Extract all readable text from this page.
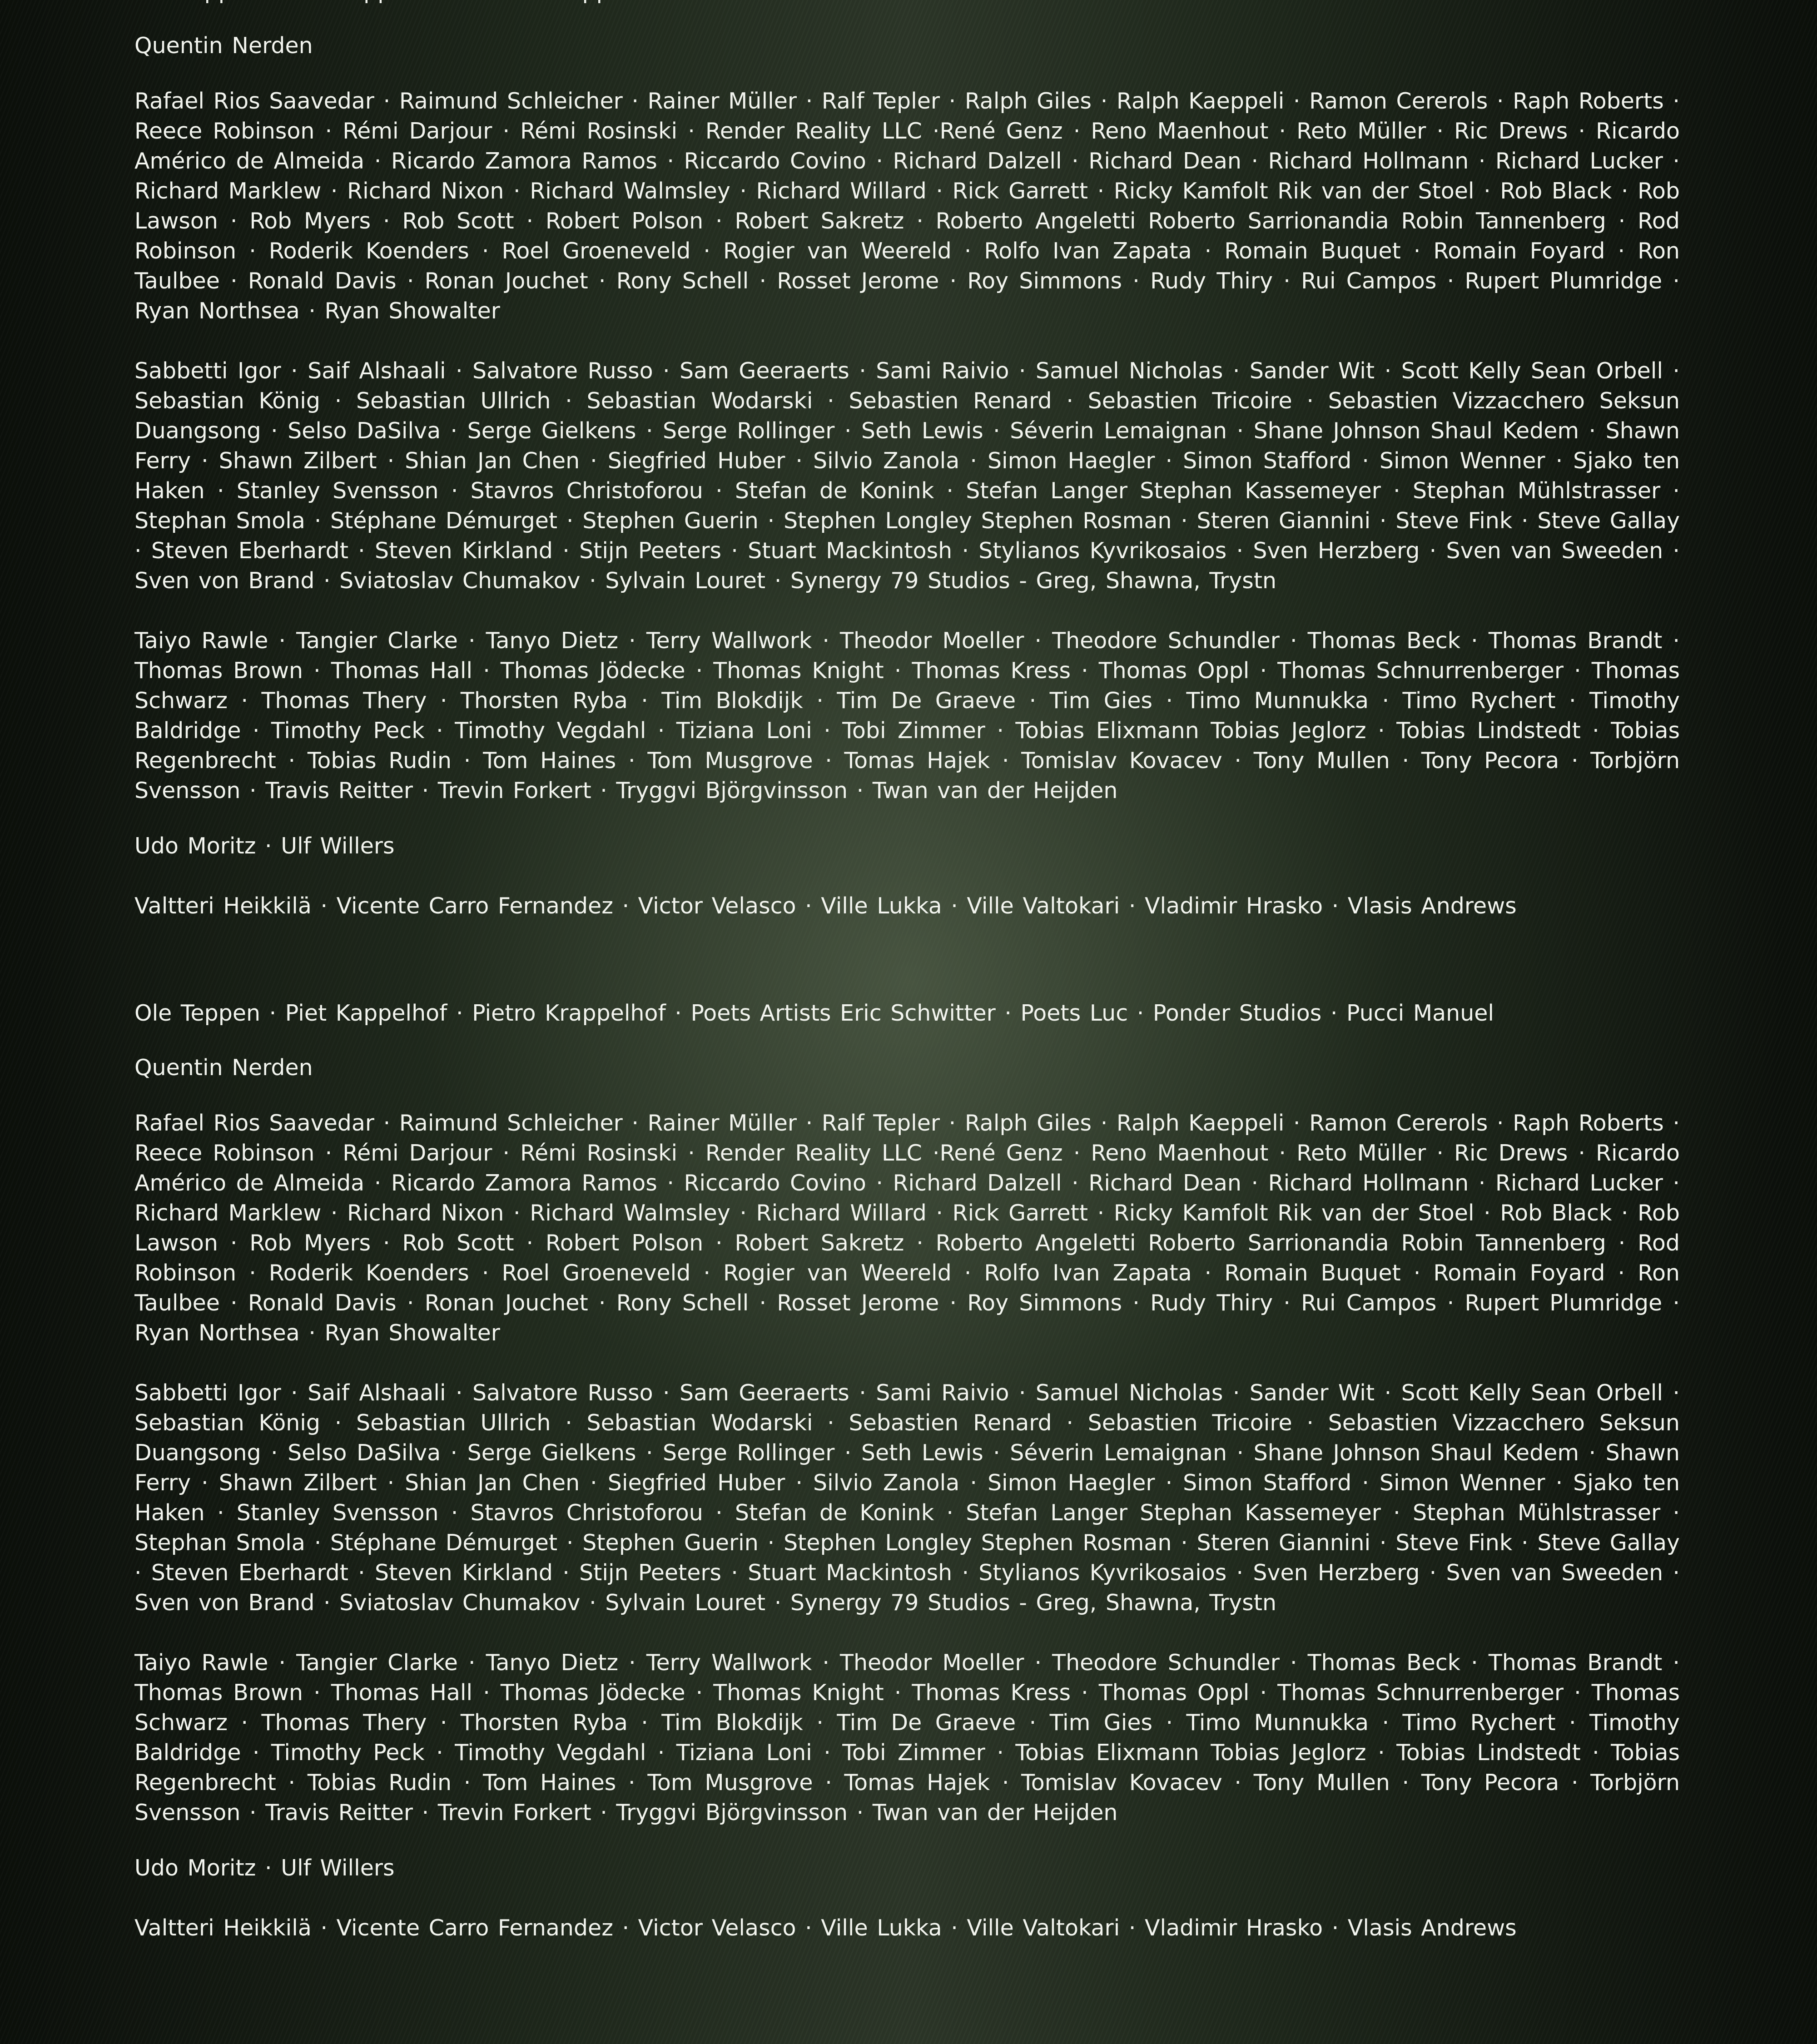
Quentin Nerden

Rafael Rios Saavedar · Raimund Schleicher · Rainer Müller · Ralf Tepler · Ralph Giles · Ralph Kaeppeli · Ramon Cererols · Raph Roberts · Reece Robinson · Rémi Darjour · Rémi Rosinski · Render Reality LLC ·René Genz · Reno Maenhout · Reto Müller · Ric Drews · Ricardo Américo de Almeida · Ricardo Zamora Ramos · Riccardo Covino · Richard Dalzell · Richard Dean · Richard Hollmann · Richard Lucker · Richard Marklew · Richard Nixon · Richard Walmsley · Richard Willard · Rick Garrett · Ricky Kamfolt Rik van der Stoel · Rob Black · Rob Lawson · Rob Myers · Rob Scott · Robert Polson · Robert Sakretz · Roberto Angeletti Roberto Sarrionandia Robin Tannenberg · Rod Robinson · Roderik Koenders · Roel Groeneveld · Rogier van Weereld · Rolfo Ivan Zapata · Romain Buquet · Romain Foyard · Ron Taulbee · Ronald Davis · Ronan Jouchet · Rony Schell · Rosset Jerome · Roy Simmons · Rudy Thiry · Rui Campos · Rupert Plumridge · Ryan Northsea · Ryan Showalter

Sabbetti Igor · Saif Alshaali · Salvatore Russo · Sam Geeraerts · Sami Raivio · Samuel Nicholas · Sander Wit · Scott Kelly Sean Orbell · Sebastian König · Sebastian Ullrich · Sebastian Wodarski · Sebastien Renard · Sebastien Tricoire · Sebastien Vizzacchero Seksun Duangsong · Selso DaSilva · Serge Gielkens · Serge Rollinger · Seth Lewis · Séverin Lemaignan · Shane Johnson Shaul Kedem · Shawn Ferry · Shawn Zilbert · Shian Jan Chen · Siegfried Huber · Silvio Zanola · Simon Haegler · Simon Stafford · Simon Wenner · Sjako ten Haken · Stanley Svensson · Stavros Christoforou · Stefan de Konink · Stefan Langer Stephan Kassemeyer · Stephan Mühlstrasser · Stephan Smola · Stéphane Démurget · Stephen Guerin · Stephen Longley Stephen Rosman · Steren Giannini · Steve Fink · Steve Gallay · Steven Eberhardt · Steven Kirkland · Stijn Peeters · Stuart Mackintosh · Stylianos Kyvrikosaios · Sven Herzberg · Sven van Sweeden · Sven von Brand · Sviatoslav Chumakov · Sylvain Louret · Synergy 79 Studios - Greg, Shawna, Trystn

Taiyo Rawle · Tangier Clarke · Tanyo Dietz · Terry Wallwork · Theodor Moeller · Theodore Schundler · Thomas Beck · Thomas Brandt · Thomas Brown · Thomas Hall · Thomas Jödecke · Thomas Knight · Thomas Kress · Thomas Oppl · Thomas Schnurrenberger · Thomas Schwarz · Thomas Thery · Thorsten Ryba · Tim Blokdijk · Tim De Graeve · Tim Gies · Timo Munnukka · Timo Rychert · Timothy Baldridge · Timothy Peck · Timothy Vegdahl · Tiziana Loni · Tobi Zimmer · Tobias Elixmann Tobias Jeglorz · Tobias Lindstedt · Tobias Regenbrecht · Tobias Rudin · Tom Haines · Tom Musgrove · Tomas Hajek · Tomislav Kovacev · Tony Mullen · Tony Pecora · Torbjörn Svensson · Travis Reitter · Trevin Forkert · Tryggvi Björgvinsson · Twan van der Heijden

Udo Moritz · Ulf Willers

Valtteri Heikkilä · Vicente Carro Fernandez · Victor Velasco · Ville Lukka · Ville Valtokari · Vladimir Hrasko · Vlasis Andrews

Ole Teppen · Piet Kappelhof · Pietro Krappelhof · Poets Artists Eric Schwitter · Poets Luc · Ponder Studios · Pucci Manuel

Quentin Nerden

Rafael Rios Saavedar · Raimund Schleicher · Rainer Müller · Ralf Tepler · Ralph Giles · Ralph Kaeppeli · Ramon Cererols · Raph Roberts · Reece Robinson · Rémi Darjour · Rémi Rosinski · Render Reality LLC ·René Genz · Reno Maenhout · Reto Müller · Ric Drews · Ricardo Américo de Almeida · Ricardo Zamora Ramos · Riccardo Covino · Richard Dalzell · Richard Dean · Richard Hollmann · Richard Lucker · Richard Marklew · Richard Nixon · Richard Walmsley · Richard Willard · Rick Garrett · Ricky Kamfolt Rik van der Stoel · Rob Black · Rob Lawson · Rob Myers · Rob Scott · Robert Polson · Robert Sakretz · Roberto Angeletti Roberto Sarrionandia Robin Tannenberg · Rod Robinson · Roderik Koenders · Roel Groeneveld · Rogier van Weereld · Rolfo Ivan Zapata · Romain Buquet · Romain Foyard · Ron Taulbee · Ronald Davis · Ronan Jouchet · Rony Schell · Rosset Jerome · Roy Simmons · Rudy Thiry · Rui Campos · Rupert Plumridge · Ryan Northsea · Ryan Showalter

Sabbetti Igor · Saif Alshaali · Salvatore Russo · Sam Geeraerts · Sami Raivio · Samuel Nicholas · Sander Wit · Scott Kelly Sean Orbell · Sebastian König · Sebastian Ullrich · Sebastian Wodarski · Sebastien Renard · Sebastien Tricoire · Sebastien Vizzacchero Seksun Duangsong · Selso DaSilva · Serge Gielkens · Serge Rollinger · Seth Lewis · Séverin Lemaignan · Shane Johnson Shaul Kedem · Shawn Ferry · Shawn Zilbert · Shian Jan Chen · Siegfried Huber · Silvio Zanola · Simon Haegler · Simon Stafford · Simon Wenner · Sjako ten Haken · Stanley Svensson · Stavros Christoforou · Stefan de Konink · Stefan Langer Stephan Kassemeyer · Stephan Mühlstrasser · Stephan Smola · Stéphane Démurget · Stephen Guerin · Stephen Longley Stephen Rosman · Steren Giannini · Steve Fink · Steve Gallay · Steven Eberhardt · Steven Kirkland · Stijn Peeters · Stuart Mackintosh · Stylianos Kyvrikosaios · Sven Herzberg · Sven van Sweeden · Sven von Brand · Sviatoslav Chumakov · Sylvain Louret · Synergy 79 Studios - Greg, Shawna, Trystn

Taiyo Rawle · Tangier Clarke · Tanyo Dietz · Terry Wallwork · Theodor Moeller · Theodore Schundler · Thomas Beck · Thomas Brandt · Thomas Brown · Thomas Hall · Thomas Jödecke · Thomas Knight · Thomas Kress · Thomas Oppl · Thomas Schnurrenberger · Thomas Schwarz · Thomas Thery · Thorsten Ryba · Tim Blokdijk · Tim De Graeve · Tim Gies · Timo Munnukka · Timo Rychert · Timothy Baldridge · Timothy Peck · Timothy Vegdahl · Tiziana Loni · Tobi Zimmer · Tobias Elixmann Tobias Jeglorz · Tobias Lindstedt · Tobias Regenbrecht · Tobias Rudin · Tom Haines · Tom Musgrove · Tomas Hajek · Tomislav Kovacev · Tony Mullen · Tony Pecora · Torbjörn Svensson · Travis Reitter · Trevin Forkert · Tryggvi Björgvinsson · Twan van der Heijden

Udo Moritz · Ulf Willers

Valtteri Heikkilä · Vicente Carro Fernandez · Victor Velasco · Ville Lukka · Ville Valtokari · Vladimir Hrasko · Vlasis Andrews
